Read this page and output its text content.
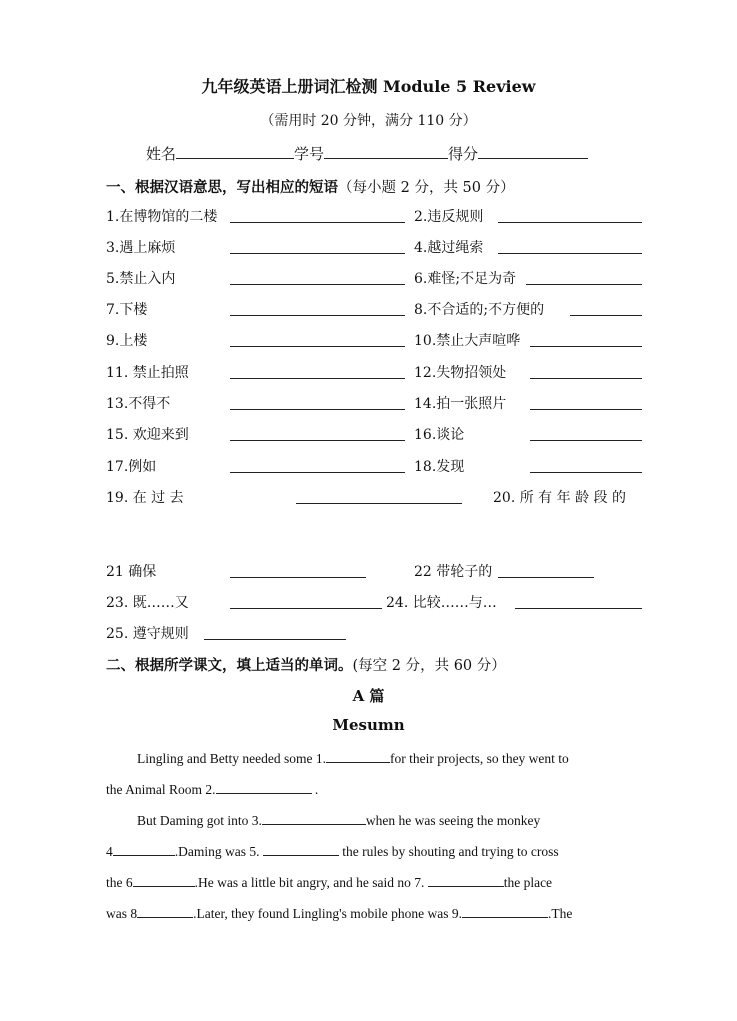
九年级英语上册词汇检测 Module 5 Review
（需用时 20 分钟，满分 110 分）
姓名	学号	得分
一、根据汉语意思，写出相应的短语（每小题 2 分，共 50 分）
1.在博物馆的二楼	2.违反规则
3.遇上麻烦	4.越过绳索
5.禁止入内	6.难怪;不足为奇
7.下楼	8.不合适的;不方便的
9.上楼	10.禁止大声喧哗
11. 禁止拍照	12.失物招领处
13.不得不	14.拍一张照片
15. 欢迎来到	16.谈论
17.例如	18.发现
19. 在 过 去	20. 所 有 年 龄 段 的
21 确保	22 带轮子的
23. 既……又	24. 比较……与…
25. 遵守规则
二、根据所学课文，填上适当的单词。(每空 2 分，共 60 分）
A 篇
Mesumn
Lingling and Betty needed some 1.	for their projects, so they went to
the Animal Room 2.	.
But Daming got into 3.	when he was seeing the monkey
4	.Daming was 5.	the rules by shouting and trying to cross
the 6	.He was a little bit angry, and he said no 7.	the place
was 8	.Later, they found Lingling's mobile phone was 9.	.The
